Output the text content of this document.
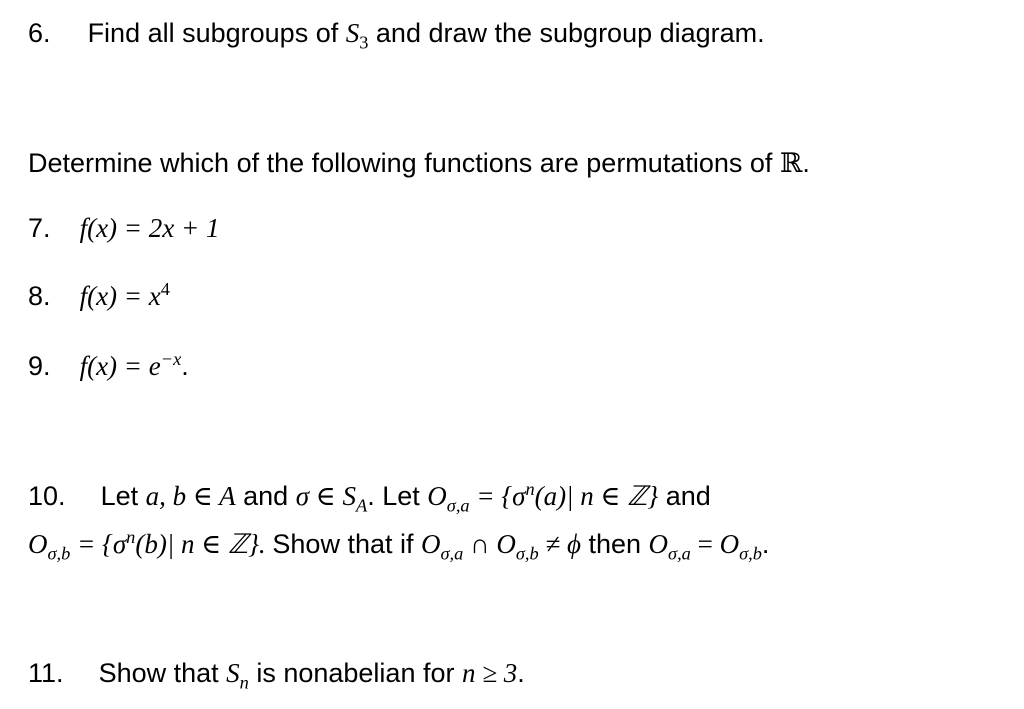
6. Find all subgroups of $S_3$ and draw the subgroup diagram.
Determine which of the following functions are permutations of ℝ.
7. f(x) = 2x + 1
8. $f(x) = x^4$
9. $f(x) = e^{-x}$.
10. Let a, b ∈ A and σ ∈ $S_A$. Let $O_{\sigma,a} = \{\sigma^n(a)|$ n ∈ ℤ} and
$O_{\sigma,b} = \{\sigma^n(b)|$ n ∈ ℤ}. Show that if $O_{\sigma,a}$ ∩ $O_{\sigma,b} \ne \phi$ then $O_{\sigma,a} = O_{\sigma,b}$.
11. Show that $S_n$ is nonabelian for n ≥ 3.
